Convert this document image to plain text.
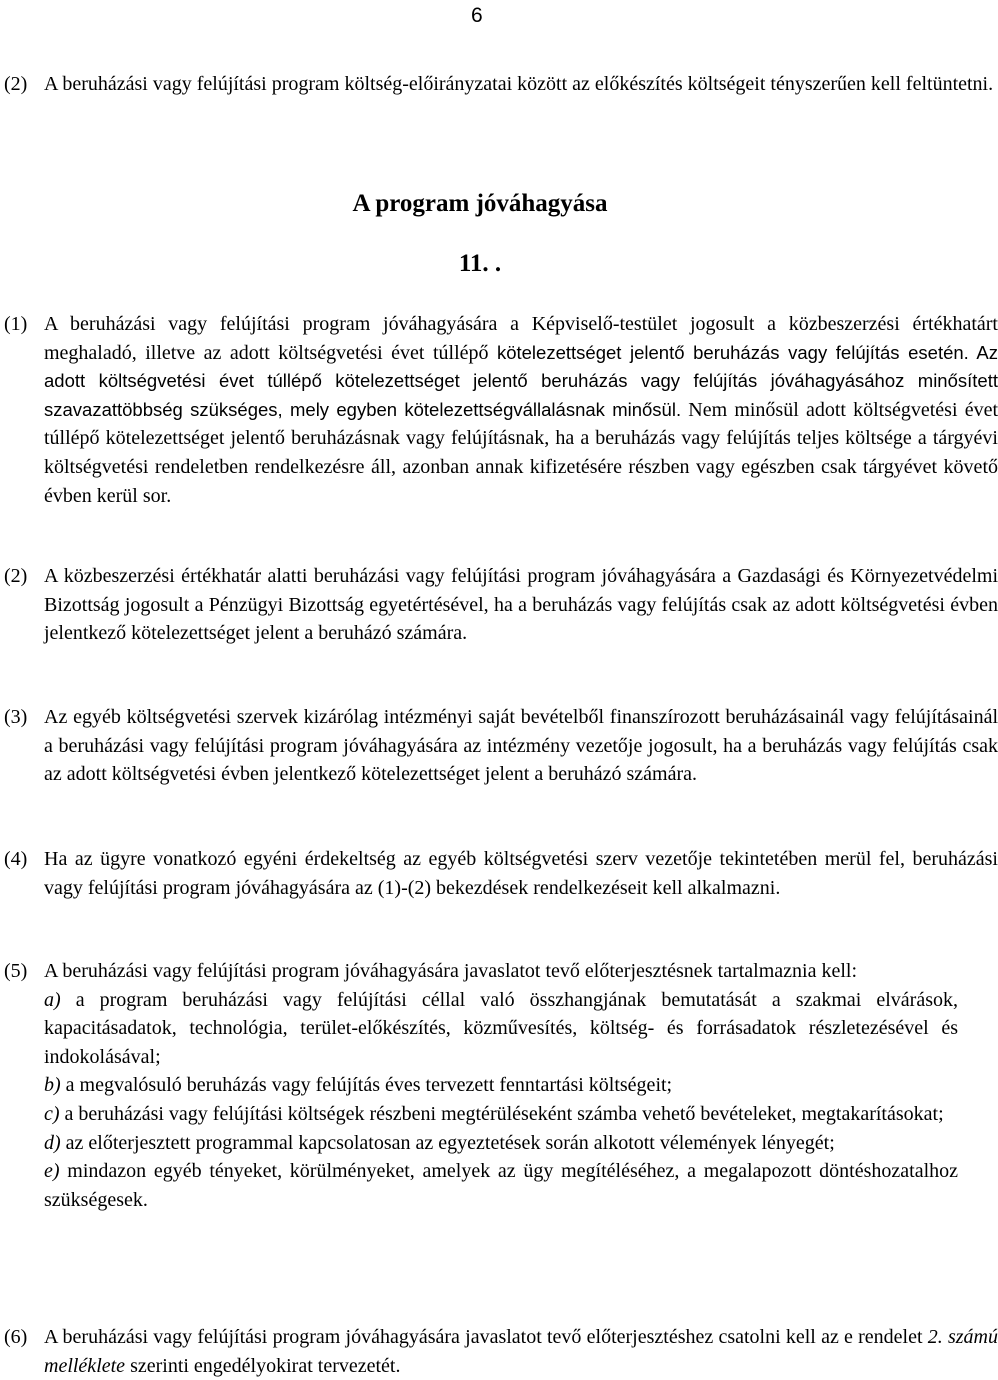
6
(2) A beruházási vagy felújítási program költség-előirányzatai között az előkészítés költségeit tényszerűen kell feltüntetni.
A program jóváhagyása
11. .
(1) A beruházási vagy felújítási program jóváhagyására a Képviselő-testület jogosult a közbeszerzési értékhatárt meghaladó, illetve az adott költségvetési évet túllépő kötelezettséget jelentő beruházás vagy felújítás esetén. Az adott költségvetési évet túllépő kötelezettséget jelentő beruházás vagy felújítás jóváhagyásához minősített szavazattöbbség szükséges, mely egyben kötelezettségvállalásnak minősül. Nem minősül adott költségvetési évet túllépő kötelezettséget jelentő beruházásnak vagy felújításnak, ha a beruházás vagy felújítás teljes költsége a tárgyévi költségvetési rendeletben rendelkezésre áll, azonban annak kifizetésére részben vagy egészben csak tárgyévet követő évben kerül sor.
(2) A közbeszerzési értékhatár alatti beruházási vagy felújítási program jóváhagyására a Gazdasági és Környezetvédelmi Bizottság jogosult a Pénzügyi Bizottság egyetértésével, ha a beruházás vagy felújítás csak az adott költségvetési évben jelentkező kötelezettséget jelent a beruházó számára.
(3) Az egyéb költségvetési szervek kizárólag intézményi saját bevételből finanszírozott beruházásainál vagy felújításainál a beruházási vagy felújítási program jóváhagyására az intézmény vezetője jogosult, ha a beruházás vagy felújítás csak az adott költségvetési évben jelentkező kötelezettséget jelent a beruházó számára.
(4) Ha az ügyre vonatkozó egyéni érdekeltség az egyéb költségvetési szerv vezetője tekintetében merül fel, beruházási vagy felújítási program jóváhagyására az (1)-(2) bekezdések rendelkezéseit kell alkalmazni.
(5) A beruházási vagy felújítási program jóváhagyására javaslatot tevő előterjesztésnek tartalmaznia kell:
a) a program beruházási vagy felújítási céllal való összhangjának bemutatását a szakmai elvárások, kapacitásadatok, technológia, terület-előkészítés, közművesítés, költség- és forrásadatok részletezésével és indokolásával;
b) a megvalósuló beruházás vagy felújítás éves tervezett fenntartási költségeit;
c) a beruházási vagy felújítási költségek részbeni megtérüléseként számba vehető bevételeket, megtakarításokat;
d) az előterjesztett programmal kapcsolatosan az egyeztetések során alkotott vélemények lényegét;
e) mindazon egyéb tényeket, körülményeket, amelyek az ügy megítéléséhez, a megalapozott döntéshozatalhoz szükségesek.
(6) A beruházási vagy felújítási program jóváhagyására javaslatot tevő előterjesztéshez csatolni kell az e rendelet 2. számú melléklete szerinti engedélyokirat tervezetét.
